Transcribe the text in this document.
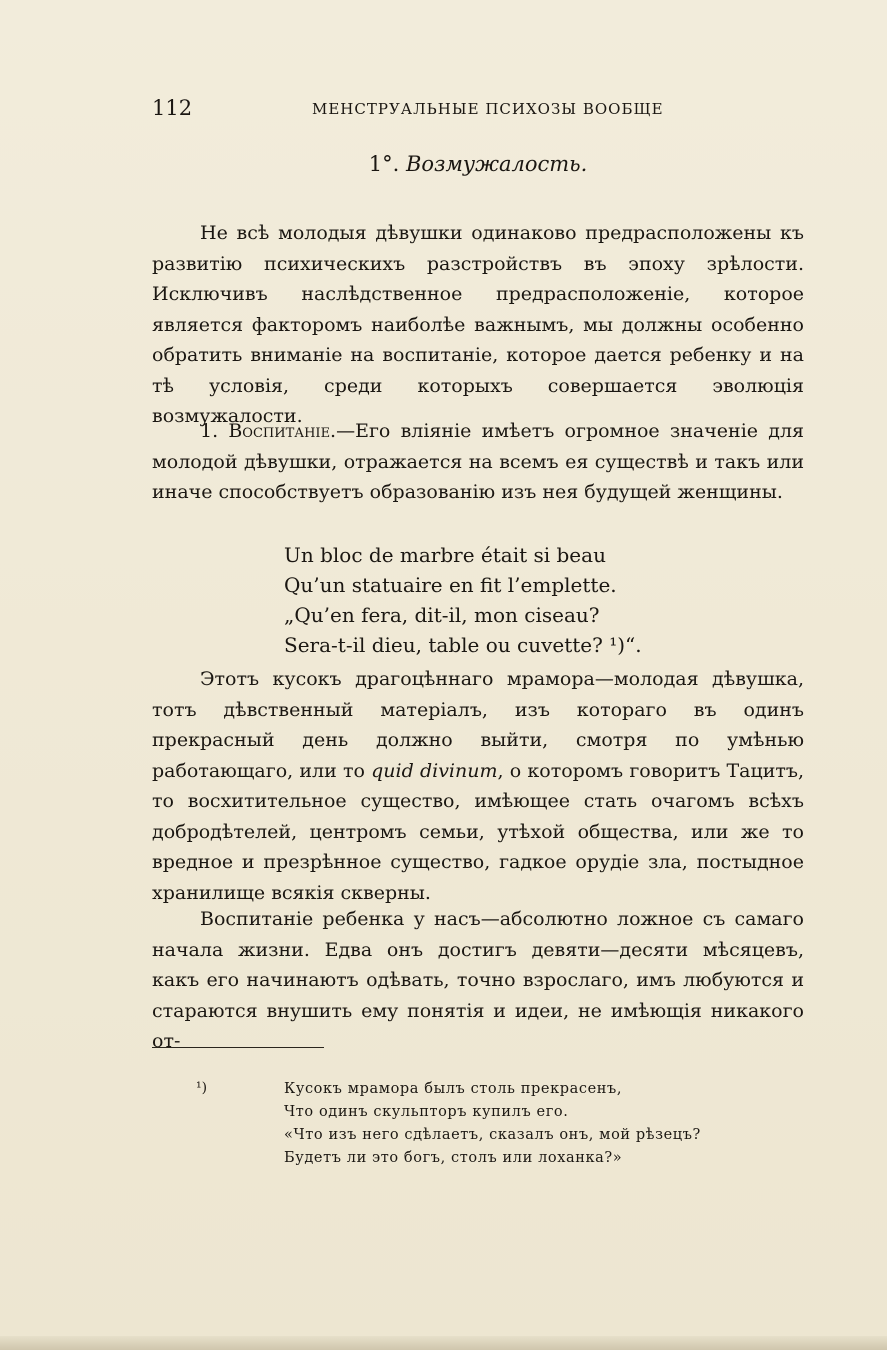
112	МЕНСТРУАЛЬНЫЕ ПСИХОЗЫ ВООБЩЕ
1°. Возмужалость.

Не всѣ молодыя дѣвушки одинаково предрасположены къ развитію психическихъ разстройствъ въ эпоху зрѣлости. Исключивъ наслѣдственное предрасположеніе, которое является факторомъ наиболѣе важнымъ, мы должны особенно обратить вниманіе на воспитаніе, которое дается ребенку и на тѣ условія, среди которыхъ совершается эволюція возмужалости.

1. Воспитаніе.—Его вліяніе имѣетъ огромное значеніе для молодой дѣвушки, отражается на всемъ ея существѣ и такъ или иначе способствуетъ образованію изъ нея будущей женщины.

Un bloc de marbre était si beau
Qu’un statuaire en fit l’emplette.
„Qu’en fera, dit-il, mon ciseau?
Sera-t-il dieu, table ou cuvette? ¹)“.

Этотъ кусокъ драгоцѣннаго мрамора—молодая дѣвушка, тотъ дѣвственный матеріалъ, изъ котораго въ одинъ прекрасный день должно выйти, смотря по умѣнью работающаго, или то quid divinum, о которомъ говоритъ Тацитъ, то восхитительное существо, имѣющее стать очагомъ всѣхъ добродѣтелей, центромъ семьи, утѣхой общества, или же то вредное и презрѣнное существо, гадкое орудіе зла, постыдное хранилище всякія скверны.

Воспитаніе ребенка у насъ—абсолютно ложное съ самаго начала жизни. Едва онъ достигъ девяти—десяти мѣсяцевъ, какъ его начинаютъ одѣвать, точно взрослаго, имъ любуются и стараются внушить ему понятія и идеи, не имѣющія никакого от-

¹)	Кусокъ мрамора былъ столь прекрасенъ,
Что одинъ скульпторъ купилъ его.
«Что изъ него сдѣлаетъ, сказалъ онъ, мой рѣзецъ?
Будетъ ли это богъ, столъ или лоханка?»
